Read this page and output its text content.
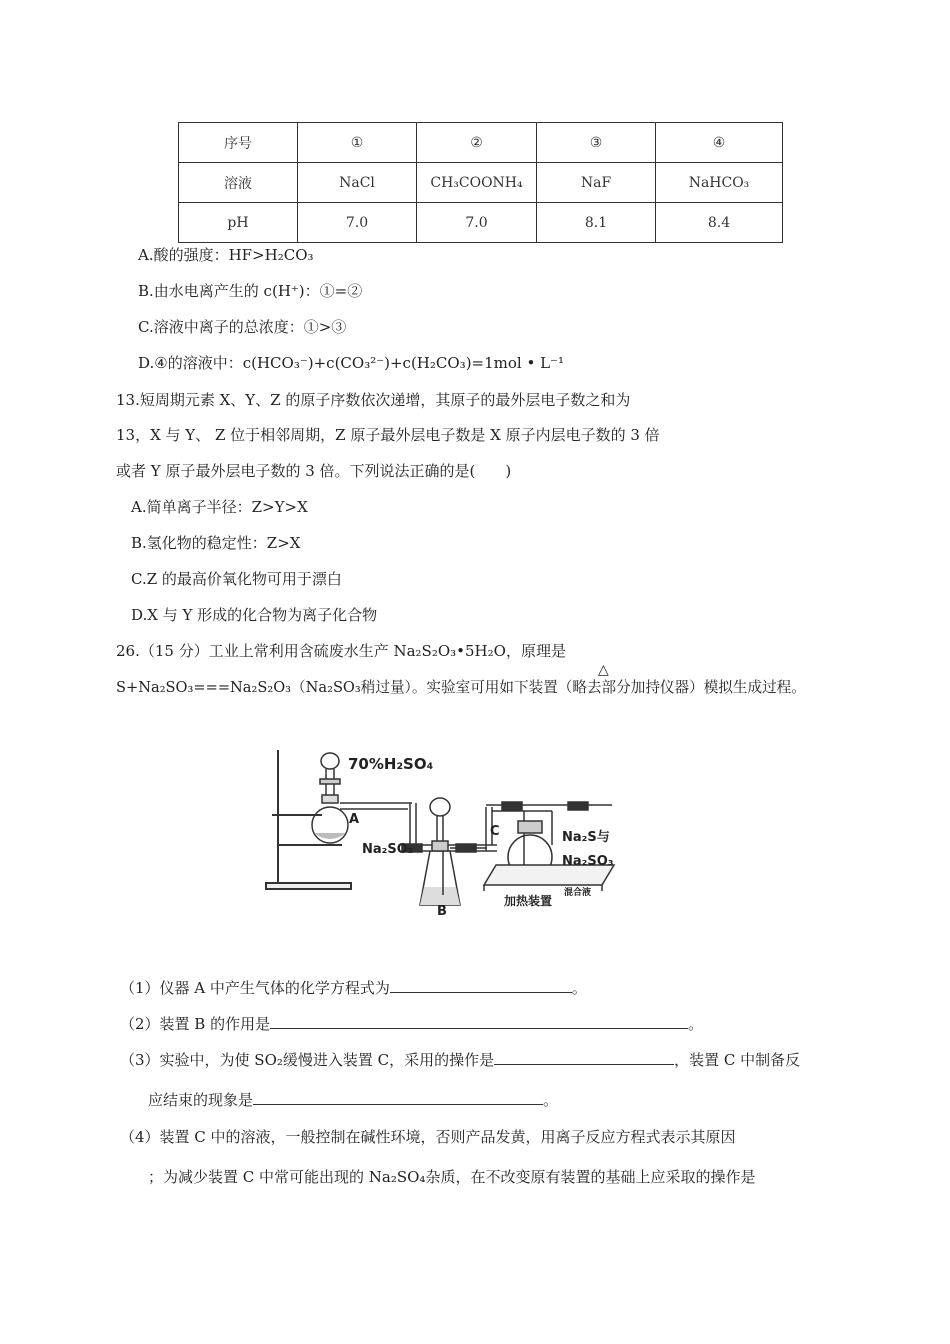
序号	①	②	③	④
溶液	NaCl	CH₃COONH₄	NaF	NaHCO₃
pH	7.0	7.0	8.1	8.4
A.酸的强度：HF>H₂CO₃
B.由水电离产生的 c(H⁺)：①=②
C.溶液中离子的总浓度：①>③
D.④的溶液中：c(HCO₃⁻)+c(CO₃²⁻)+c(H₂CO₃)=1mol • L⁻¹
13.短周期元素 X、Y、Z 的原子序数依次递增，其原子的最外层电子数之和为
13，X 与 Y、 Z 位于相邻周期，Z 原子最外层电子数是 X 原子内层电子数的 3 倍
或者 Y 原子最外层电子数的 3 倍。下列说法正确的是(　　)
A.简单离子半径：Z>Y>X
B.氢化物的稳定性：Z>X
C.Z 的最高价氧化物可用于漂白
D.X 与 Y 形成的化合物为离子化合物
26.（15 分）工业上常利用含硫废水生产 Na₂S₂O₃•5H₂O，原理是
△
S+Na₂SO₃===Na₂S₂O₃（Na₂SO₃稍过量）。实验室可用如下装置（略去部分加持仪器）模拟生成过程。
70%H₂SO₄
A
Na₂SO₃
B
C	Na₂S与
Na₂SO₃
加热装置
混合液
（1）仪器 A 中产生气体的化学方程式为	。
（2）装置 B 的作用是	。
（3）实验中，为使 SO₂缓慢进入装置 C，采用的操作是	，装置 C 中制备反
应结束的现象是	。
（4）装置 C 中的溶液，一般控制在碱性环境，否则产品发黄，用离子反应方程式表示其原因
；为减少装置 C 中常可能出现的 Na₂SO₄杂质，在不改变原有装置的基础上应采取的操作是
